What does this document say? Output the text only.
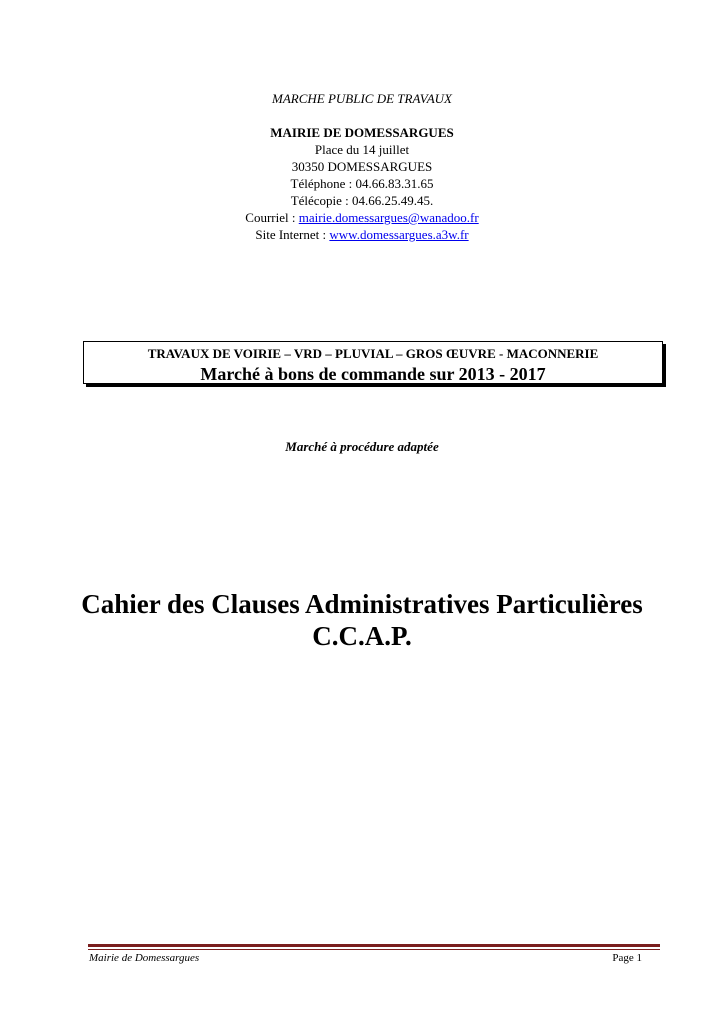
MARCHE PUBLIC DE TRAVAUX
MAIRIE DE DOMESSARGUES
Place du 14 juillet
30350 DOMESSARGUES
Téléphone : 04.66.83.31.65
Télécopie : 04.66.25.49.45.
Courriel : mairie.domessargues@wanadoo.fr
Site Internet : www.domessargues.a3w.fr
TRAVAUX DE VOIRIE – VRD – PLUVIAL – GROS ŒUVRE - MACONNERIE
Marché à bons de commande sur 2013 - 2017
Marché à procédure adaptée
Cahier des Clauses Administratives Particulières
C.C.A.P.
Mairie de Domessargues	Page 1
